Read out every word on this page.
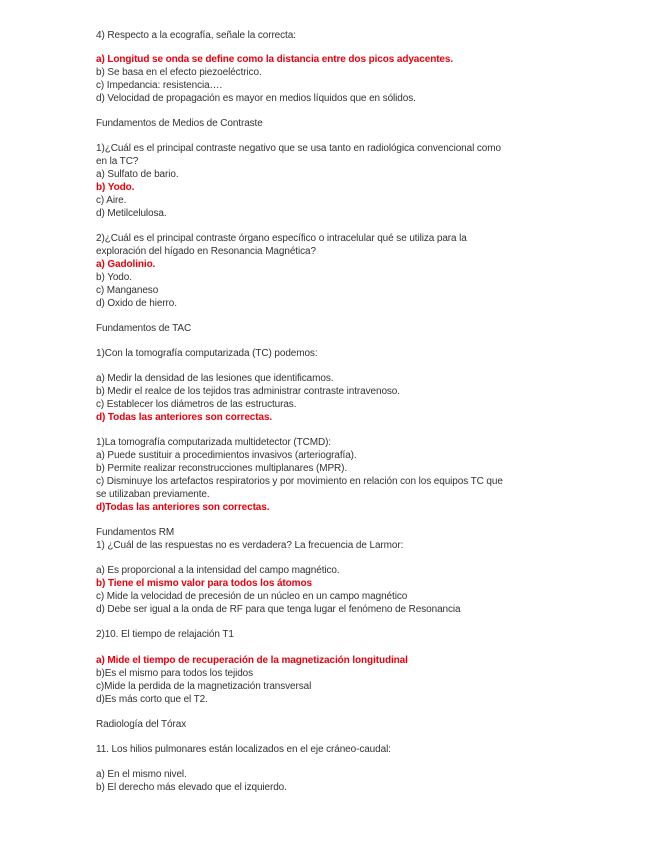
4) Respecto a la ecografía, señale la correcta:
a) Longitud se onda se define como la distancia entre dos picos adyacentes.
b) Se basa en el efecto piezoeléctrico.
c) Impedancia: resistencia….
d) Velocidad de propagación es mayor en medios líquidos que en sólidos.
Fundamentos de Medios de Contraste
1)¿Cuál es el principal contraste negativo que se usa tanto en radiológica convencional como
en la TC?
a) Sulfato de bario.
b) Yodo.
c) Aire.
d) Metilcelulosa.
2)¿Cuál es el principal contraste órgano específico o intracelular qué se utiliza para la
exploración del hígado en Resonancia Magnética?
a) Gadolinio.
b) Yodo.
c) Manganeso
d) Oxido de hierro.
Fundamentos de TAC
1)Con la tomografía computarizada (TC) podemos:
a) Medir la densidad de las lesiones que identificamos.
b) Medir el realce de los tejidos tras administrar contraste intravenoso.
c) Establecer los diámetros de las estructuras.
d) Todas las anteriores son correctas.
1)La tomografía computarizada multidetector (TCMD):
a) Puede sustituir a procedimientos invasivos (arteriografía).
b) Permite realizar reconstrucciones multiplanares (MPR).
c) Disminuye los artefactos respiratorios y por movimiento en relación con los equipos TC que
se utilizaban previamente.
d)Todas las anteriores son correctas.
Fundamentos RM
1) ¿Cuál de las respuestas no es verdadera? La frecuencia de Larmor:
a) Es proporcional a la intensidad del campo magnético.
b) Tiene el mismo valor para todos los átomos
c) Mide la velocidad de precesión de un núcleo en un campo magnético
d) Debe ser igual a la onda de RF para que tenga lugar el fenómeno de Resonancia
2)10. El tiempo de relajación T1
a) Mide el tiempo de recuperación de la magnetización longitudinal
b)Es el mismo para todos los tejidos
c)Mide la perdida de la magnetización transversal
d)Es más corto que el T2.
Radiología del Tórax
11. Los hilios pulmonares están localizados en el eje cráneo-caudal:
a) En el mismo nivel.
b) El derecho más elevado que el izquierdo.
